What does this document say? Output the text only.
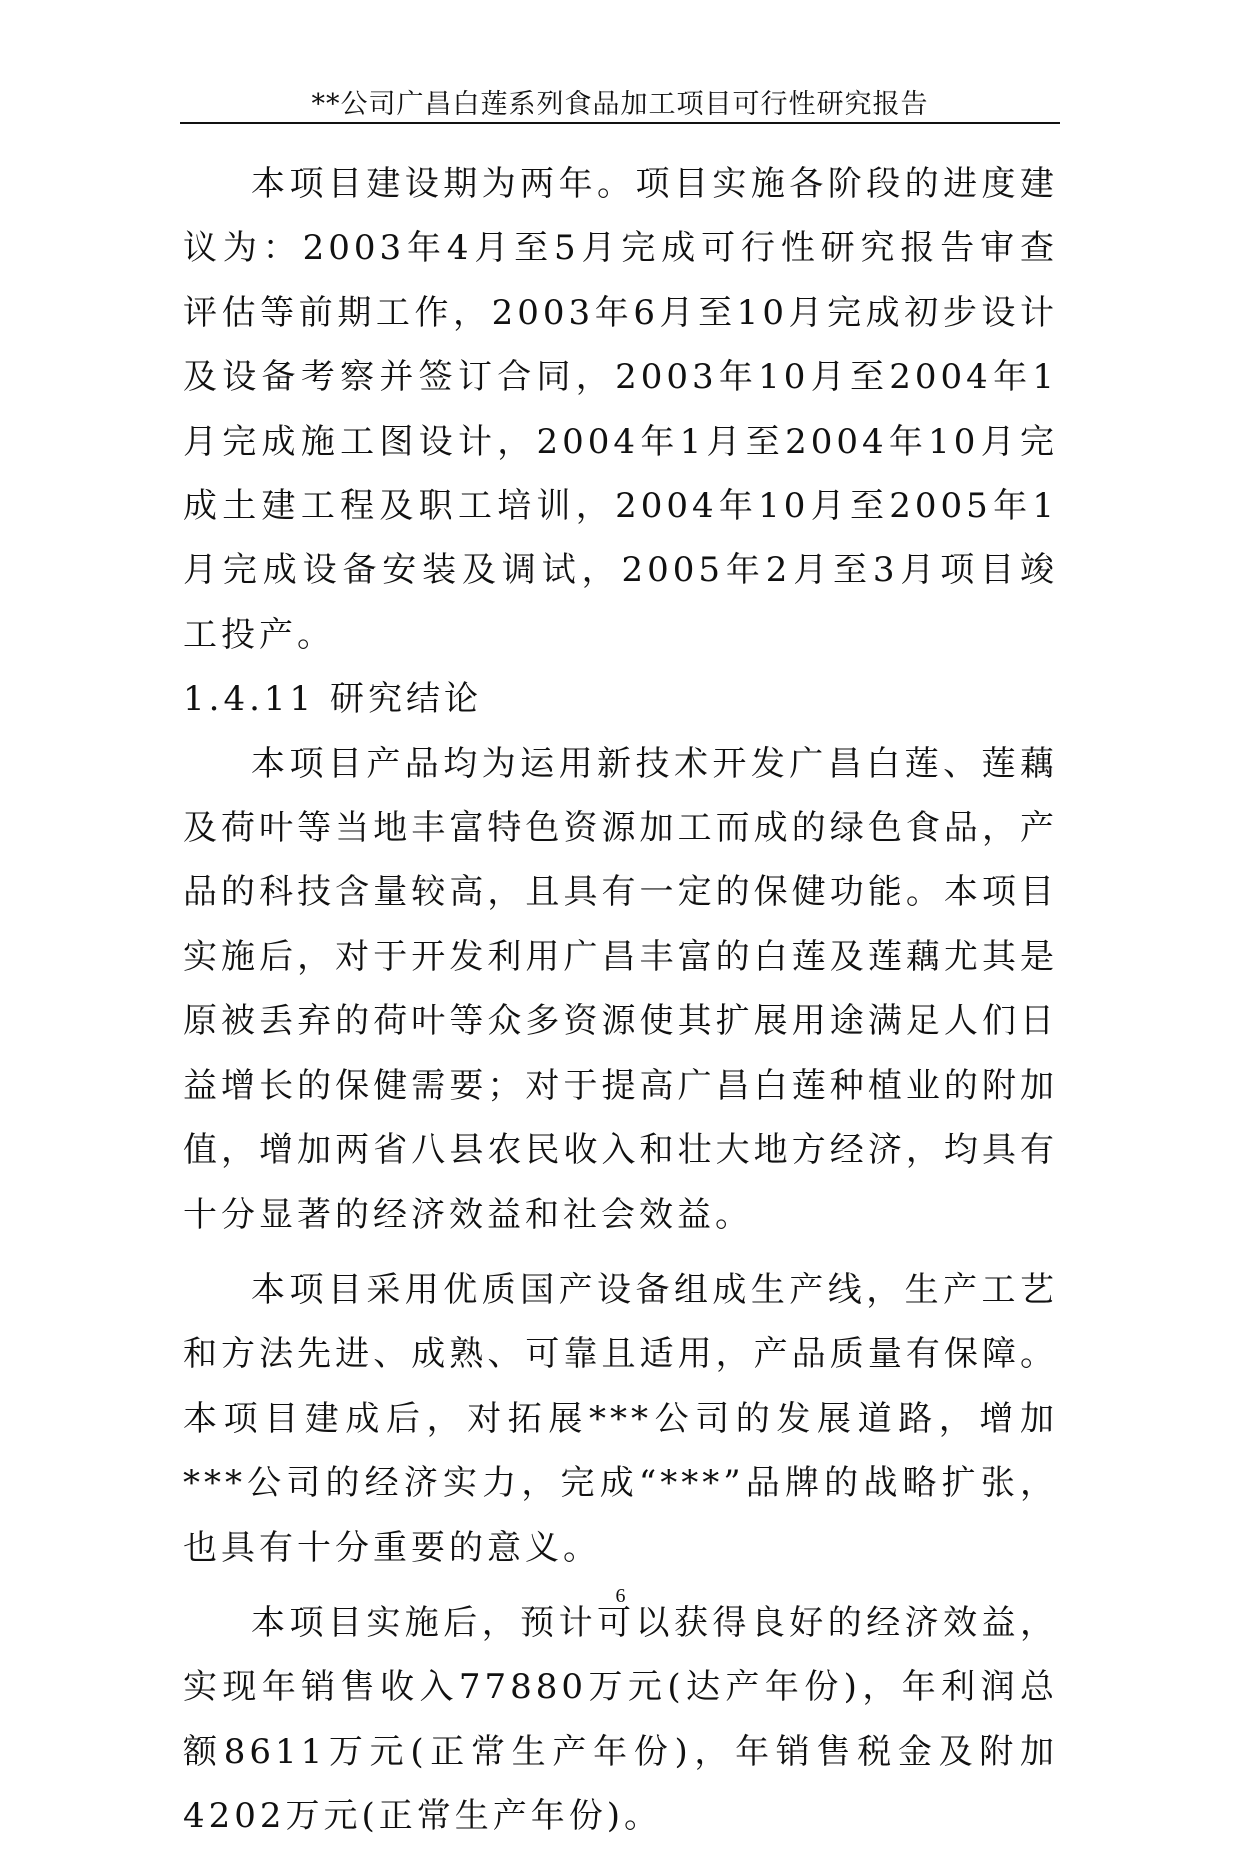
**公司广昌白莲系列食品加工项目可行性研究报告

本项目建设期为两年。项目实施各阶段的进度建议为：2003年4月至5月完成可行性研究报告审查评估等前期工作，2003年6月至10月完成初步设计及设备考察并签订合同，2003年10月至2004年1月完成施工图设计，2004年1月至2004年10月完成土建工程及职工培训，2004年10月至2005年1月完成设备安装及调试，2005年2月至3月项目竣工投产。

1.4.11 研究结论

本项目产品均为运用新技术开发广昌白莲、莲藕及荷叶等当地丰富特色资源加工而成的绿色食品，产品的科技含量较高，且具有一定的保健功能。本项目实施后，对于开发利用广昌丰富的白莲及莲藕尤其是原被丢弃的荷叶等众多资源使其扩展用途满足人们日益增长的保健需要；对于提高广昌白莲种植业的附加值，增加两省八县农民收入和壮大地方经济，均具有十分显著的经济效益和社会效益。

本项目采用优质国产设备组成生产线，生产工艺和方法先进、成熟、可靠且适用，产品质量有保障。本项目建成后，对拓展***公司的发展道路，增加***公司的经济实力，完成“***”品牌的战略扩张，也具有十分重要的意义。

本项目实施后，预计可以获得良好的经济效益，实现年销售收入77880万元(达产年份)，年利润总额8611万元(正常生产年份)，年销售税金及附加4202万元(正常生产年份)。

6
